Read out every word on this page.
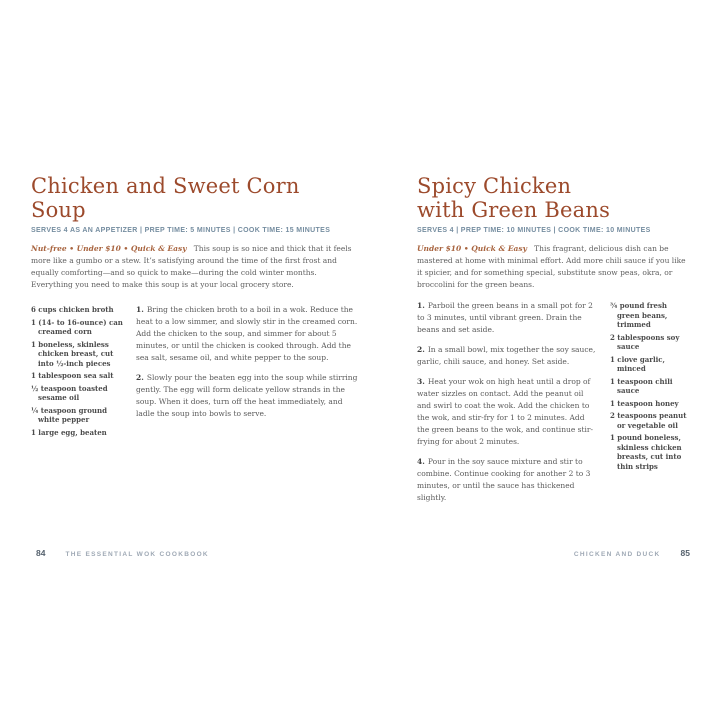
Chicken and Sweet Corn Soup
SERVES 4 AS AN APPETIZER | PREP TIME: 5 MINUTES | COOK TIME: 15 MINUTES

Nut-free • Under $10 • Quick & Easy This soup is so nice and thick that it feels more like a gumbo or a stew. It’s satisfying around the time of the first frost and equally comforting—and so quick to make—during the cold winter months. Everything you need to make this soup is at your local grocery store.

6 cups chicken broth
1 (14- to 16-ounce) can creamed corn
1 boneless, skinless chicken breast, cut into ½-inch pieces
1 tablespoon sea salt
½ teaspoon toasted sesame oil
¼ teaspoon ground white pepper
1 large egg, beaten

1. Bring the chicken broth to a boil in a wok. Reduce the heat to a low simmer, and slowly stir in the creamed corn. Add the chicken to the soup, and simmer for about 5 minutes, or until the chicken is cooked through. Add the sea salt, sesame oil, and white pepper to the soup.

2. Slowly pour the beaten egg into the soup while stirring gently. The egg will form delicate yellow strands in the soup. When it does, turn off the heat immediately, and ladle the soup into bowls to serve.

Spicy Chicken
with Green Beans
SERVES 4 | PREP TIME: 10 MINUTES | COOK TIME: 10 MINUTES

Under $10 • Quick & Easy This fragrant, delicious dish can be mastered at home with minimal effort. Add more chili sauce if you like it spicier, and for something special, substitute snow peas, okra, or broccolini for the green beans.

1. Parboil the green beans in a small pot for 2 to 3 minutes, until vibrant green. Drain the beans and set aside.

2. In a small bowl, mix together the soy sauce, garlic, chili sauce, and honey. Set aside.

3. Heat your wok on high heat until a drop of water sizzles on contact. Add the peanut oil and swirl to coat the wok. Add the chicken to the wok, and stir-fry for 1 to 2 minutes. Add the green beans to the wok, and continue stir-frying for about 2 minutes.

4. Pour in the soy sauce mixture and stir to combine. Continue cooking for another 2 to 3 minutes, or until the sauce has thickened slightly.

¾ pound fresh green beans, trimmed
2 tablespoons soy sauce
1 clove garlic, minced
1 teaspoon chili sauce
1 teaspoon honey
2 teaspoons peanut or vegetable oil
1 pound boneless, skinless chicken breasts, cut into thin strips
84	THE ESSENTIAL WOK COOKBOOK	CHICKEN AND DUCK 85
